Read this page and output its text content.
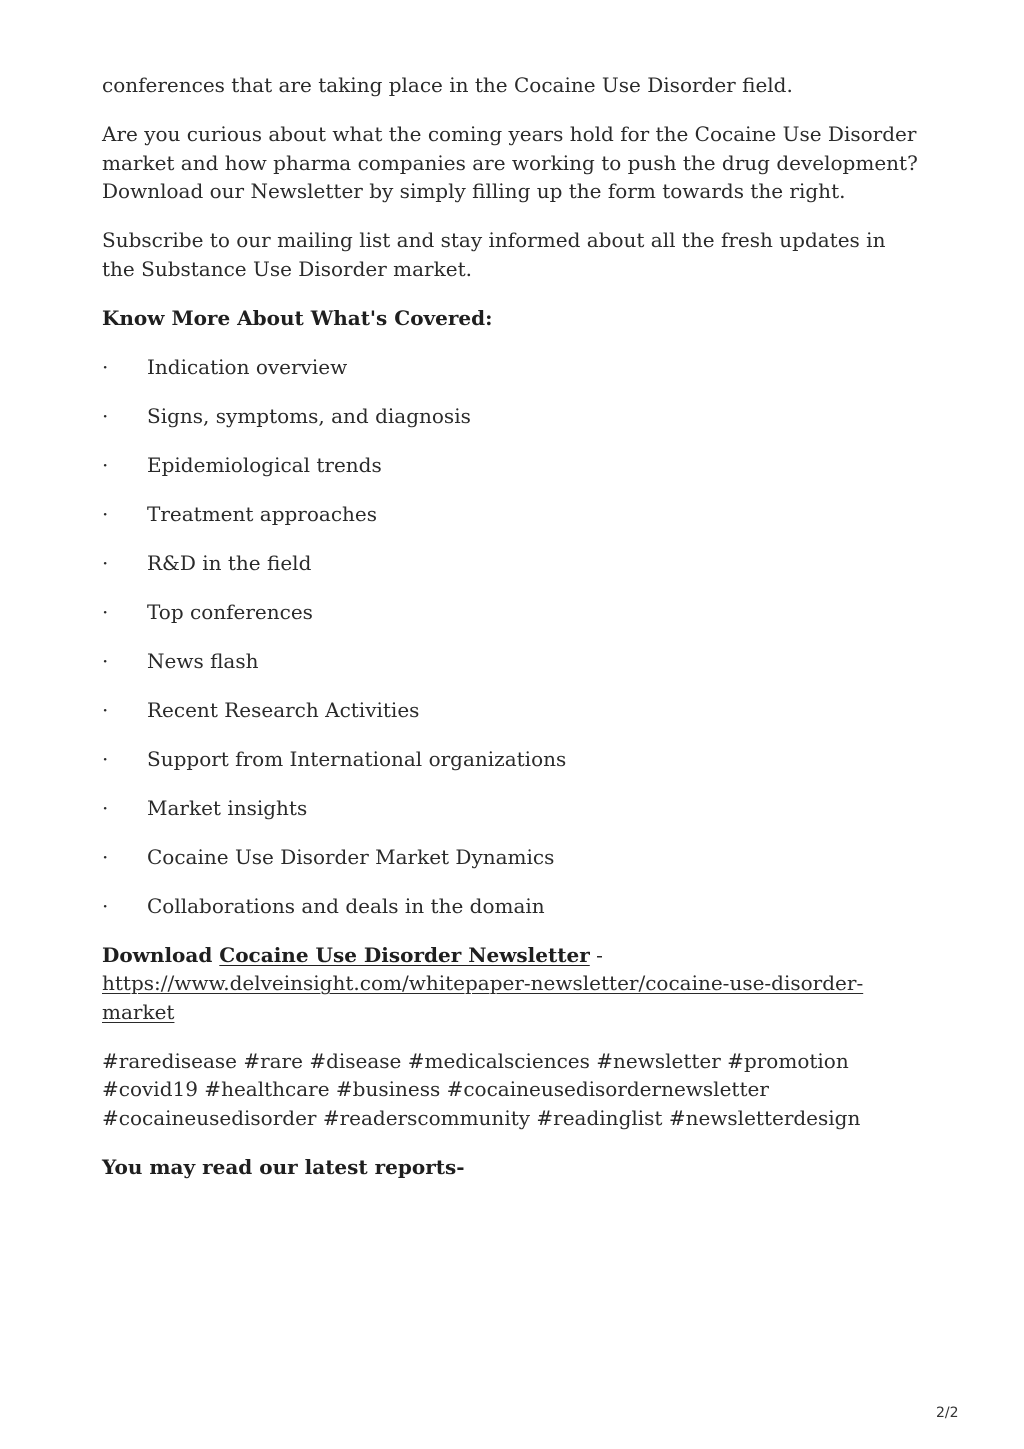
conferences that are taking place in the Cocaine Use Disorder field.

Are you curious about what the coming years hold for the Cocaine Use Disorder market and how pharma companies are working to push the drug development? Download our Newsletter by simply filling up the form towards the right.

Subscribe to our mailing list and stay informed about all the fresh updates in the Substance Use Disorder market.

Know More About What's Covered:

·	Indication overview
·	Signs, symptoms, and diagnosis
·	Epidemiological trends
·	Treatment approaches
·	R&D in the field
·	Top conferences
·	News flash
·	Recent Research Activities
·	Support from International organizations
·	Market insights
·	Cocaine Use Disorder Market Dynamics
·	Collaborations and deals in the domain

Download Cocaine Use Disorder Newsletter -
https://www.delveinsight.com/whitepaper-newsletter/cocaine-use-disorder-market

#raredisease #rare #disease #medicalsciences #newsletter #promotion #covid19 #healthcare #business #cocaineusedisordernewsletter #cocaineusedisorder #readerscommunity #readinglist #newsletterdesign

You may read our latest reports-

2/2
